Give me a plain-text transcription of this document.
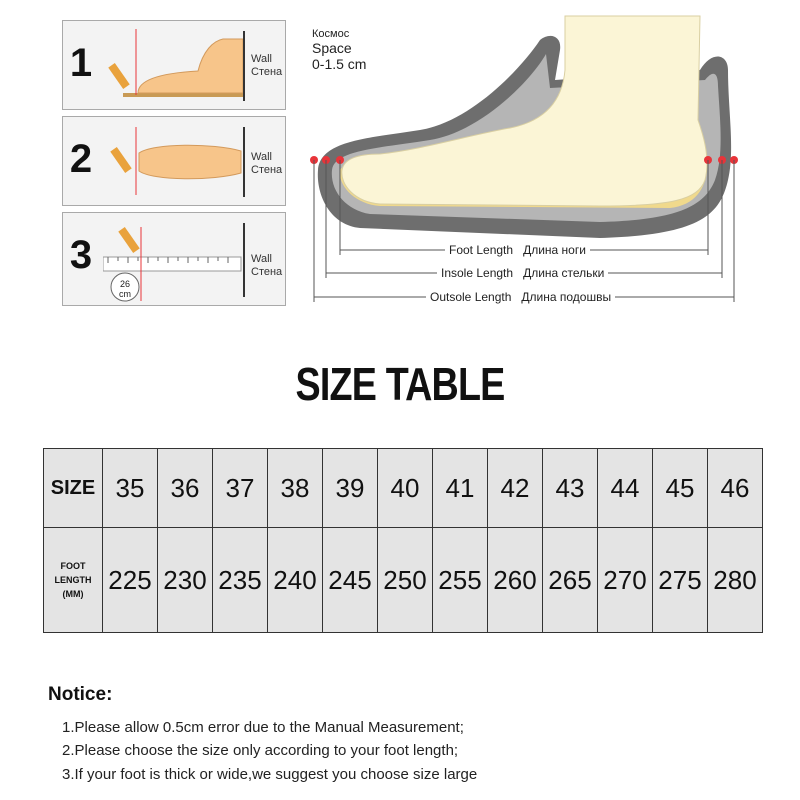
1	Wall
Стена
2	Wall
Стена
3
26
cm
Wall
Стена
Космос
Space
0-1.5 cm
Foot Length Длина ноги
Insole Length Длина стельки
Outsole Length Длина подошвы
SIZE TABLE
SIZE	35	36	37	38	39	40	41	42	43	44	45	46

FOOT LENGTH
(MM)	225	230	235	240	245	250	255	260	265	270	275	280
Notice:
1.Please allow 0.5cm error due to the Manual Measurement;
2.Please choose the size only according to your foot length;
3.If your foot is thick or wide,we suggest you choose size large
